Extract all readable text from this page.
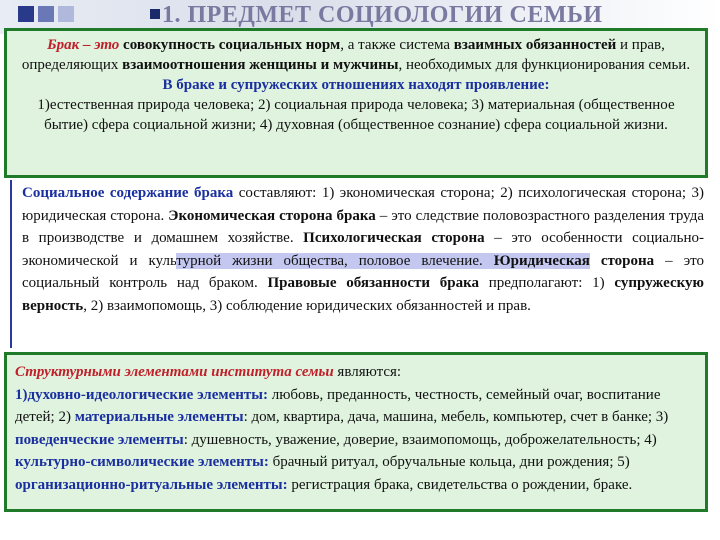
1. ПРЕДМЕТ СОЦИОЛОГИИ СЕМЬИ
Брак – это совокупность социальных норм, а также система взаимных обязанностей и прав, определяющих взаимоотношения женщины и мужчины, необходимых для функционирования семьи.
В браке и супружеских отношениях находят проявление:
1)естественная природа человека; 2) социальная природа человека; 3) материальная (общественное бытие) сфера социальной жизни; 4) духовная (общественное сознание) сфера социальной жизни.
Социальное содержание брака составляют: 1) экономическая сторона; 2) психологическая сторона; 3) юридическая сторона. Экономическая сторона брака – это следствие половозрастного разделения труда в производстве и домашнем хозяйстве. Психологическая сторона – это особенности социально-экономической и культурной жизни общества, половое влечение. Юридическая сторона – это социальный контроль над браком. Правовые обязанности брака предполагают: 1) супружескую верность, 2) взаимопомощь, 3) соблюдение юридических обязанностей и прав.

Структурными элементами института семьи являются:

1)духовно-идеологические элементы: любовь, преданность, честность, семейный очаг, воспитание детей; 2) материальные элементы: дом, квартира, дача, машина, мебель, компьютер, счет в банке; 3) поведенческие элементы: душевность, уважение, доверие, взаимопомощь, доброжелательность; 4) культурно-символические элементы: брачный ритуал, обручальные кольца, дни рождения; 5) организационно-ритуальные элементы: регистрация брака, свидетельства о рождении, браке.
